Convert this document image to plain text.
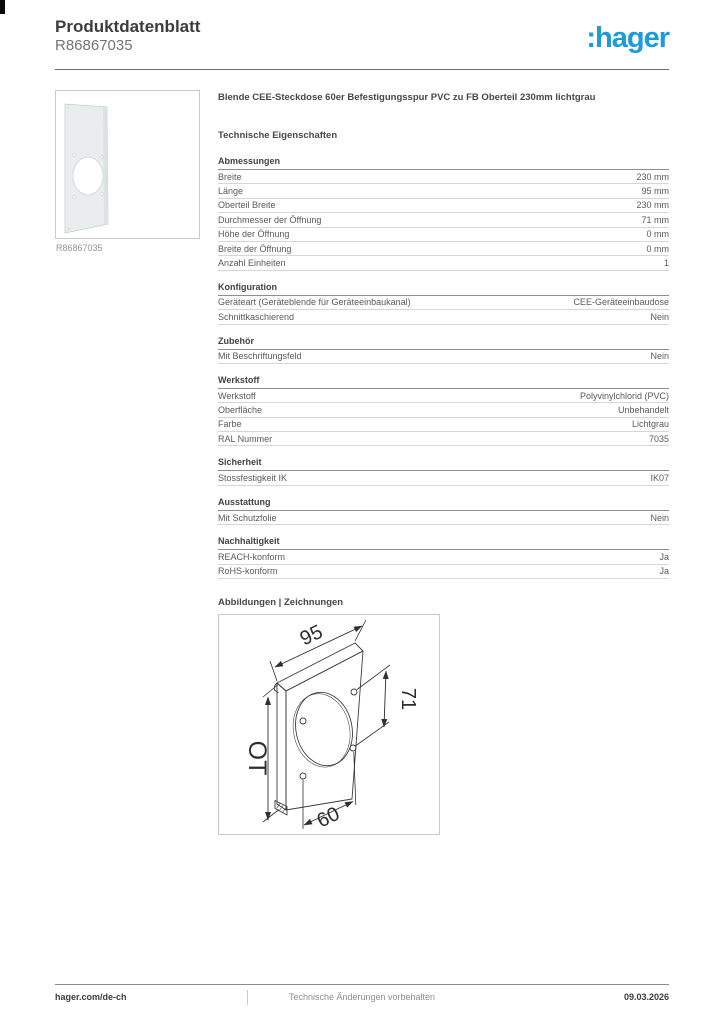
Produktdatenblatt
R86867035	:hager
R86867035
Blende CEE-Steckdose 60er Befestigungsspur PVC zu FB Oberteil 230mm lichtgrau
Technische Eigenschaften
Abmessungen
Breite	230 mm
Länge	95 mm
Oberteil Breite	230 mm
Durchmesser der Öffnung	71 mm
Höhe der Öffnung	0 mm
Breite der Öffnung	0 mm
Anzahl Einheiten	1
Konfiguration
Geräteart (Geräteblende für Geräteeinbaukanal)	CEE-Geräteeinbaudose
Schnittkaschierend	Nein
Zubehör
Mit Beschriftungsfeld	Nein
Werkstoff
Werkstoff	Polyvinylchlorid (PVC)
Oberfläche	Unbehandelt
Farbe	Lichtgrau
RAL Nummer	7035
Sicherheit
Stossfestigkeit IK	IK07
Ausstattung
Mit Schutzfolie	Nein
Nachhaltigkeit
REACH-konform	Ja
RoHS-konform	Ja
Abbildungen | Zeichnungen
95
71
OT
60
hager.com/de-ch	Technische Änderungen vorbehalten	09.03.2026
